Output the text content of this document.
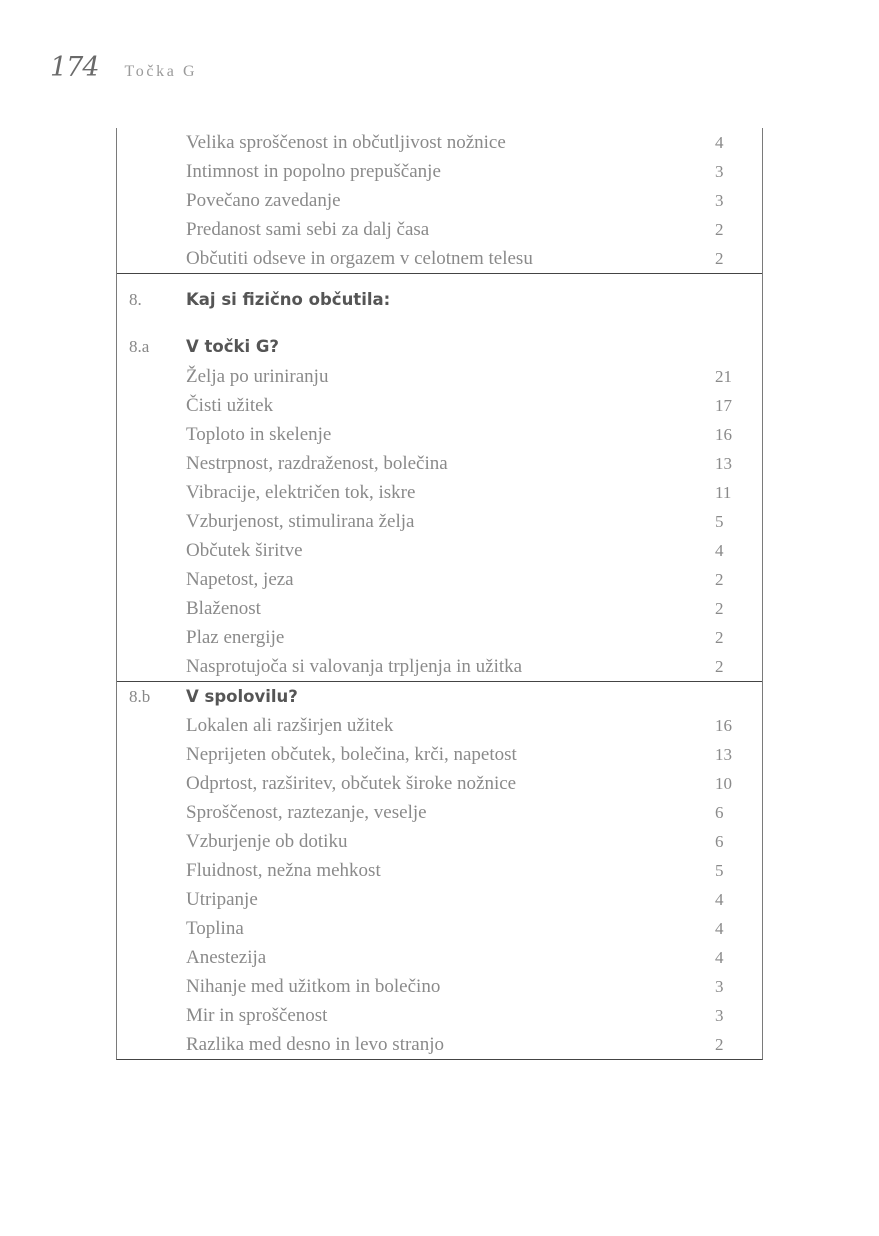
174 Točka G
Velika sproščenost in občutljivost nožnice	4
Intimnost in popolno prepuščanje	3
Povečano zavedanje	3
Predanost sami sebi za dalj časa	2
Občutiti odseve in orgazem v celotnem telesu	2
8.	Kaj si fizično občutila:
8.a	V točki G?
Želja po uriniranju	21
Čisti užitek	17
Toploto in skelenje	16
Nestrpnost, razdraženost, bolečina	13
Vibracije, električen tok, iskre	11
Vzburjenost, stimulirana želja	5
Občutek širitve	4
Napetost, jeza	2
Blaženost	2
Plaz energije	2
Nasprotujoča si valovanja trpljenja in užitka	2
8.b	V spolovilu?
Lokalen ali razširjen užitek	16
Neprijeten občutek, bolečina, krči, napetost	13
Odprtost, razširitev, občutek široke nožnice	10
Sproščenost, raztezanje, veselje	6
Vzburjenje ob dotiku	6
Fluidnost, nežna mehkost	5
Utripanje	4
Toplina	4
Anestezija	4
Nihanje med užitkom in bolečino	3
Mir in sproščenost	3
Razlika med desno in levo stranjo	2
